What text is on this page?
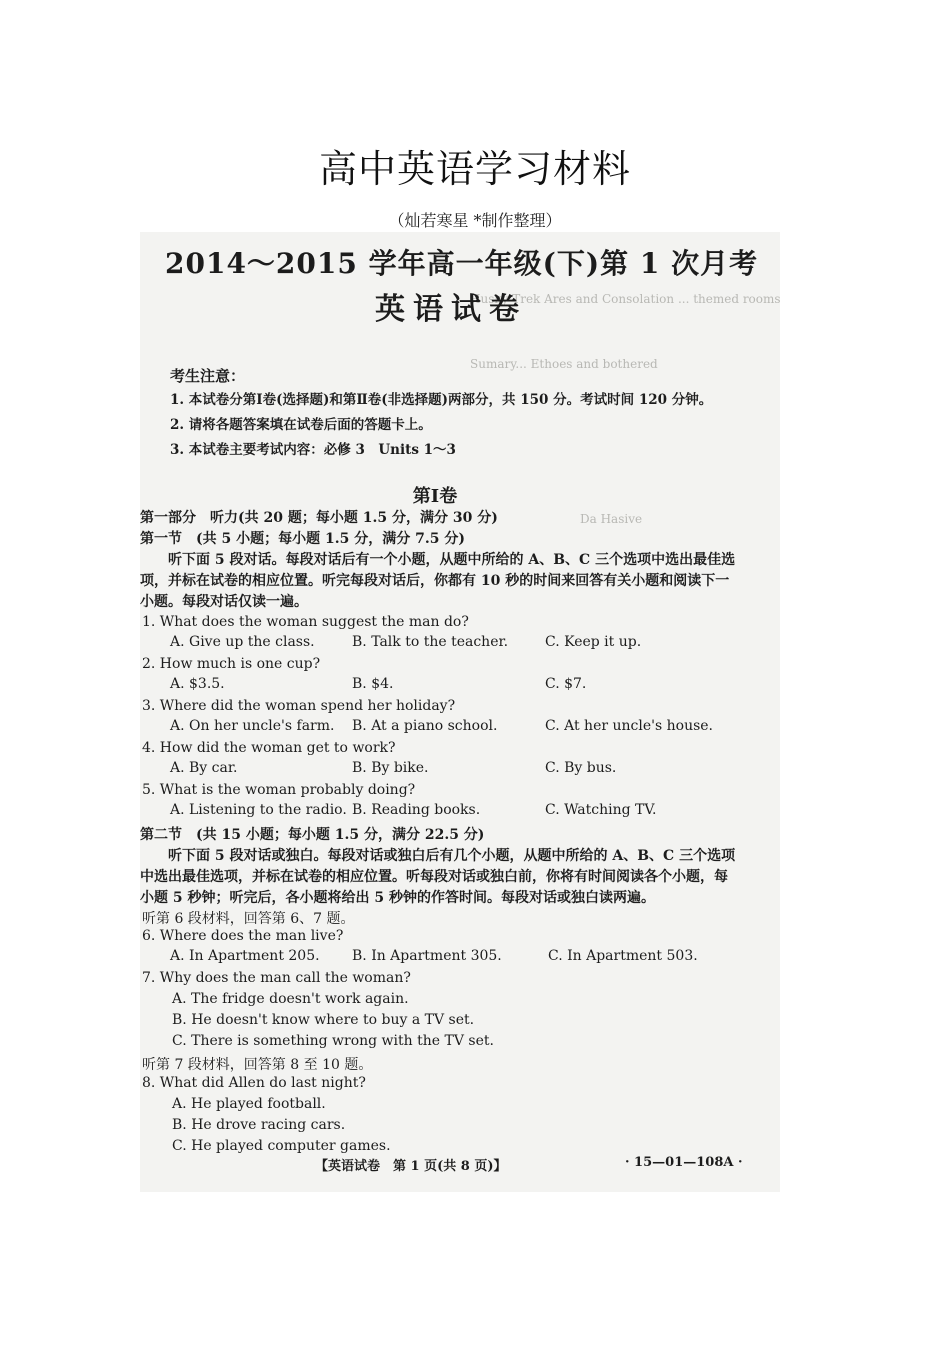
高中英语学习材料
（灿若寒星 *制作整理）
Husky Trek Ares and Consolation ... themed rooms
Sumary... Ethoes and bothered
Da Hasive
2014～2015 学年高一年级(下)第 1 次月考
英语试卷
考生注意：
1. 本试卷分第Ⅰ卷(选择题)和第Ⅱ卷(非选择题)两部分，共 150 分。考试时间 120 分钟。
2. 请将各题答案填在试卷后面的答题卡上。
3. 本试卷主要考试内容：必修 3　Units 1～3
第Ⅰ卷
第一部分　听力(共 20 题；每小题 1.5 分，满分 30 分)
第一节　(共 5 小题；每小题 1.5 分，满分 7.5 分)
听下面 5 段对话。每段对话后有一个小题，从题中所给的 A、B、C 三个选项中选出最佳选
项，并标在试卷的相应位置。听完每段对话后，你都有 10 秒的时间来回答有关小题和阅读下一
小题。每段对话仅读一遍。
1. What does the woman suggest the man do?
A. Give up the class.	B. Talk to the teacher.	C. Keep it up.
2. How much is one cup?
A. $3.5.	B. $4.	C. $7.
3. Where did the woman spend her holiday?
A. On her uncle's farm. B. At a piano school.	C. At her uncle's house.
4. How did the woman get to work?
A. By car.	B. By bike.	C. By bus.
5. What is the woman probably doing?
A. Listening to the radio. B. Reading books.	C. Watching TV.
第二节　(共 15 小题；每小题 1.5 分，满分 22.5 分)
听下面 5 段对话或独白。每段对话或独白后有几个小题，从题中所给的 A、B、C 三个选项
中选出最佳选项，并标在试卷的相应位置。听每段对话或独白前，你将有时间阅读各个小题，每
小题 5 秒钟；听完后，各小题将给出 5 秒钟的作答时间。每段对话或独白读两遍。
听第 6 段材料，回答第 6、7 题。
6. Where does the man live?
A. In Apartment 205. B. In Apartment 305.	C. In Apartment 503.
7. Why does the man call the woman?
A. The fridge doesn't work again.
B. He doesn't know where to buy a TV set.
C. There is something wrong with the TV set.
听第 7 段材料，回答第 8 至 10 题。
8. What did Allen do last night?
A. He played football.
B. He drove racing cars.
C. He played computer games.
【英语试卷　第 1 页(共 8 页)】	· 15—01—108A ·
